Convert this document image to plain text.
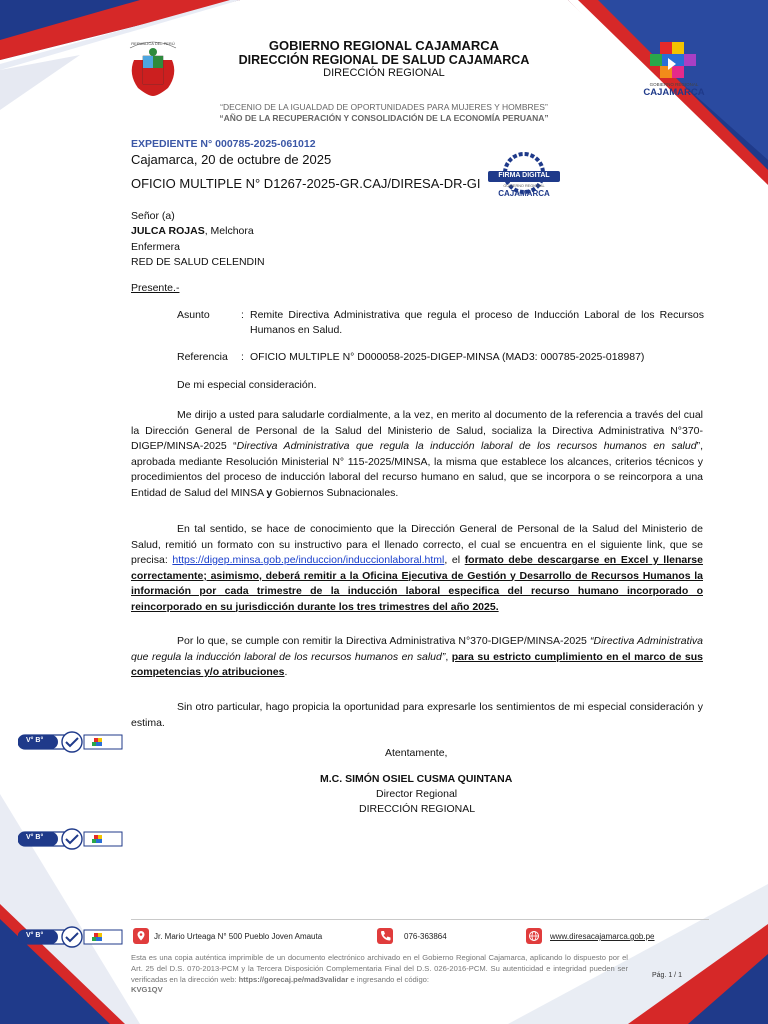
REPUBLICA DEL PERÚ
GOBIERNO REGIONAL
CAJAMARCA
GOBIERNO REGIONAL CAJAMARCA
DIRECCIÓN REGIONAL DE SALUD CAJAMARCA
DIRECCIÓN REGIONAL
“DECENIO DE LA IGUALDAD DE OPORTUNIDADES PARA MUJERES Y HOMBRES”
“AÑO DE LA RECUPERACIÓN Y CONSOLIDACIÓN DE LA ECONOMÍA PERUANA”
EXPEDIENTE N° 000785-2025-061012
Cajamarca, 20 de octubre de 2025
OFICIO MULTIPLE N° D1267-2025-GR.CAJ/DIRESA-DR-GI
FIRMA DIGITAL
GOBIERNO REGIONAL
CAJAMARCA
Señor (a)
JULCA ROJAS, Melchora
Enfermera
RED DE SALUD CELENDIN
Presente.-
Asunto	: Remite Directiva Administrativa que regula el proceso de Inducción Laboral de los Recursos
Humanos en Salud.
Referencia : OFICIO MULTIPLE N° D000058-2025-DIGEP-MINSA (MAD3: 000785-2025-018987)
De mi especial consideración.
Me dirijo a usted para saludarle cordialmente, a la vez, en merito al documento de la referencia a través del cual la Dirección General de Personal de la Salud del Ministerio de Salud, socializa la Directiva Administrativa N°370-DIGEP/MINSA-2025 “Directiva Administrativa que regula la inducción laboral de los recursos humanos en salud”, aprobada mediante Resolución Ministerial N° 115-2025/MINSA, la misma que establece los alcances, criterios técnicos y procedimientos del proceso de inducción laboral del recurso humano en salud, que se incorpora o se reincorpora a una Entidad de Salud del MINSA y Gobiernos Subnacionales.
En tal sentido, se hace de conocimiento que la Dirección General de Personal de la Salud del Ministerio de Salud, remitió un formato con su instructivo para el llenado correcto, el cual se encuentra en el siguiente link, que se precisa: https://digep.minsa.gob.pe/induccion/induccionlaboral.html, el formato debe descargarse en Excel y llenarse correctamente; asimismo, deberá remitir a la Oficina Ejecutiva de Gestión y Desarrollo de Recursos Humanos la información por cada trimestre de la inducción laboral especifica del recurso humano incorporado o reincorporado en su jurisdicción durante los tres trimestres del año 2025.
Por lo que, se cumple con remitir la Directiva Administrativa N°370-DIGEP/MINSA-2025 “Directiva Administrativa que regula la inducción laboral de los recursos humanos en salud”, para su estricto cumplimiento en el marco de sus competencias y/o atribuciones.
Sin otro particular, hago propicia la oportunidad para expresarle los sentimientos de mi especial consideración y estima.
Atentamente,
M.C. SIMÓN OSIEL CUSMA QUINTANA
Director Regional
DIRECCIÓN REGIONAL
V° B°
V° B°
V° B°	Jr. Mario Urteaga N° 500 Pueblo Joven Amauta	076-363864	www.diresacajamarca.gob.pe
Esta es una copia auténtica imprimible de un documento electrónico archivado en el Gobierno Regional Cajamarca, aplicando lo dispuesto por el Art. 25 del D.S. 070-2013-PCM y la Tercera Disposición Complementaria Final del D.S. 026-2016-PCM. Su autenticidad e integridad pueden ser verificadas en la dirección web: https://gorecaj.pe/mad3validar e ingresando el código:
KVG1QV
Pág. 1 / 1
